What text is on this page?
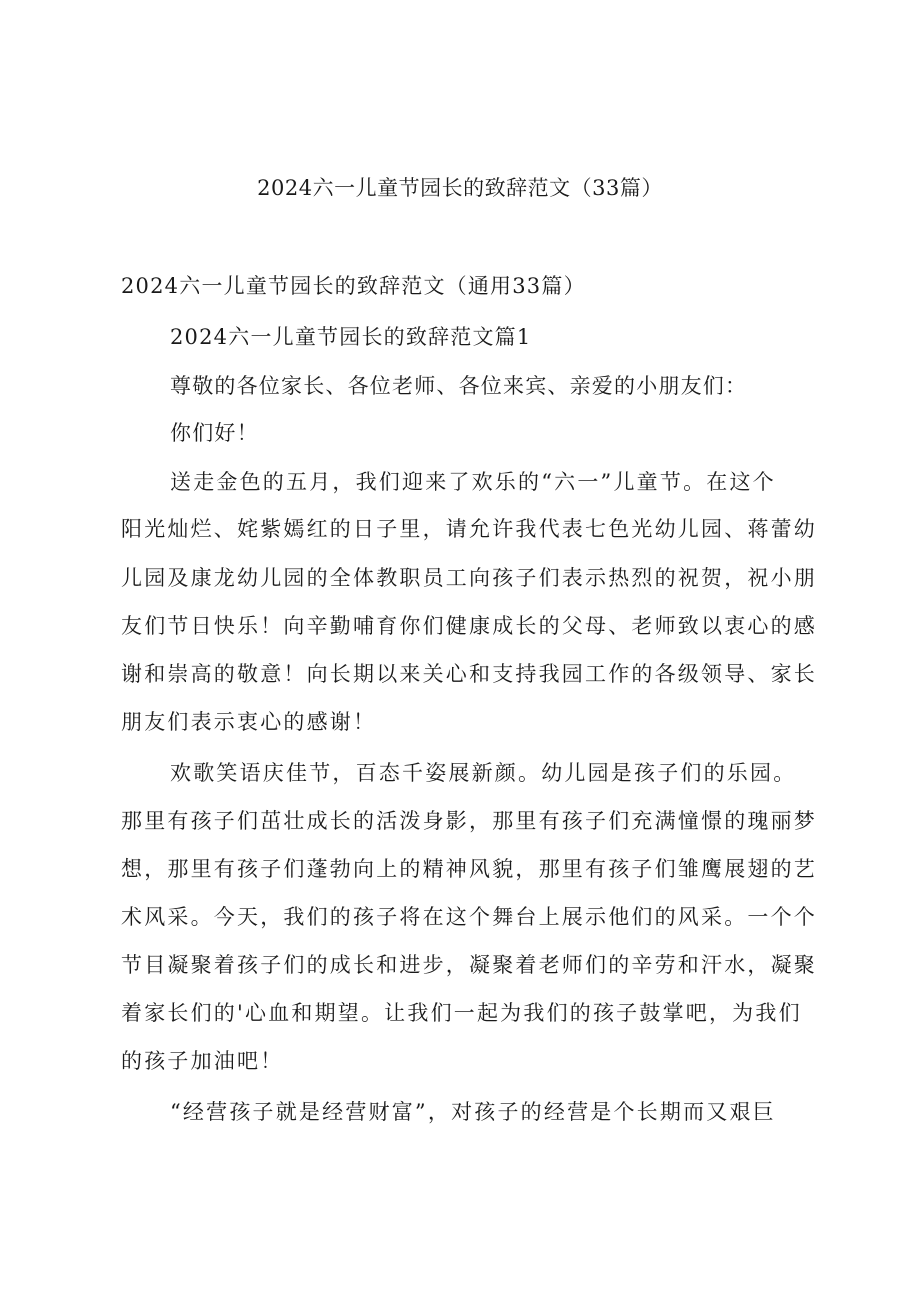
2024六一儿童节园长的致辞范文（33篇）
2024六一儿童节园长的致辞范文（通用33篇）
2024六一儿童节园长的致辞范文篇1
尊敬的各位家长、各位老师、各位来宾、亲爱的小朋友们：
你们好！
送走金色的五月，我们迎来了欢乐的“六一”儿童节。在这个
阳光灿烂、姹紫嫣红的日子里，请允许我代表七色光幼儿园、蒋蕾幼
儿园及康龙幼儿园的全体教职员工向孩子们表示热烈的祝贺，祝小朋
友们节日快乐！向辛勤哺育你们健康成长的父母、老师致以衷心的感
谢和崇高的敬意！向长期以来关心和支持我园工作的各级领导、家长
朋友们表示衷心的感谢！
欢歌笑语庆佳节，百态千姿展新颜。幼儿园是孩子们的乐园。
那里有孩子们茁壮成长的活泼身影，那里有孩子们充满憧憬的瑰丽梦
想，那里有孩子们蓬勃向上的精神风貌，那里有孩子们雏鹰展翅的艺
术风采。今天，我们的孩子将在这个舞台上展示他们的风采。一个个
节目凝聚着孩子们的成长和进步，凝聚着老师们的辛劳和汗水，凝聚
着家长们的'心血和期望。让我们一起为我们的孩子鼓掌吧，为我们
的孩子加油吧！
“经营孩子就是经营财富”，对孩子的经营是个长期而又艰巨
